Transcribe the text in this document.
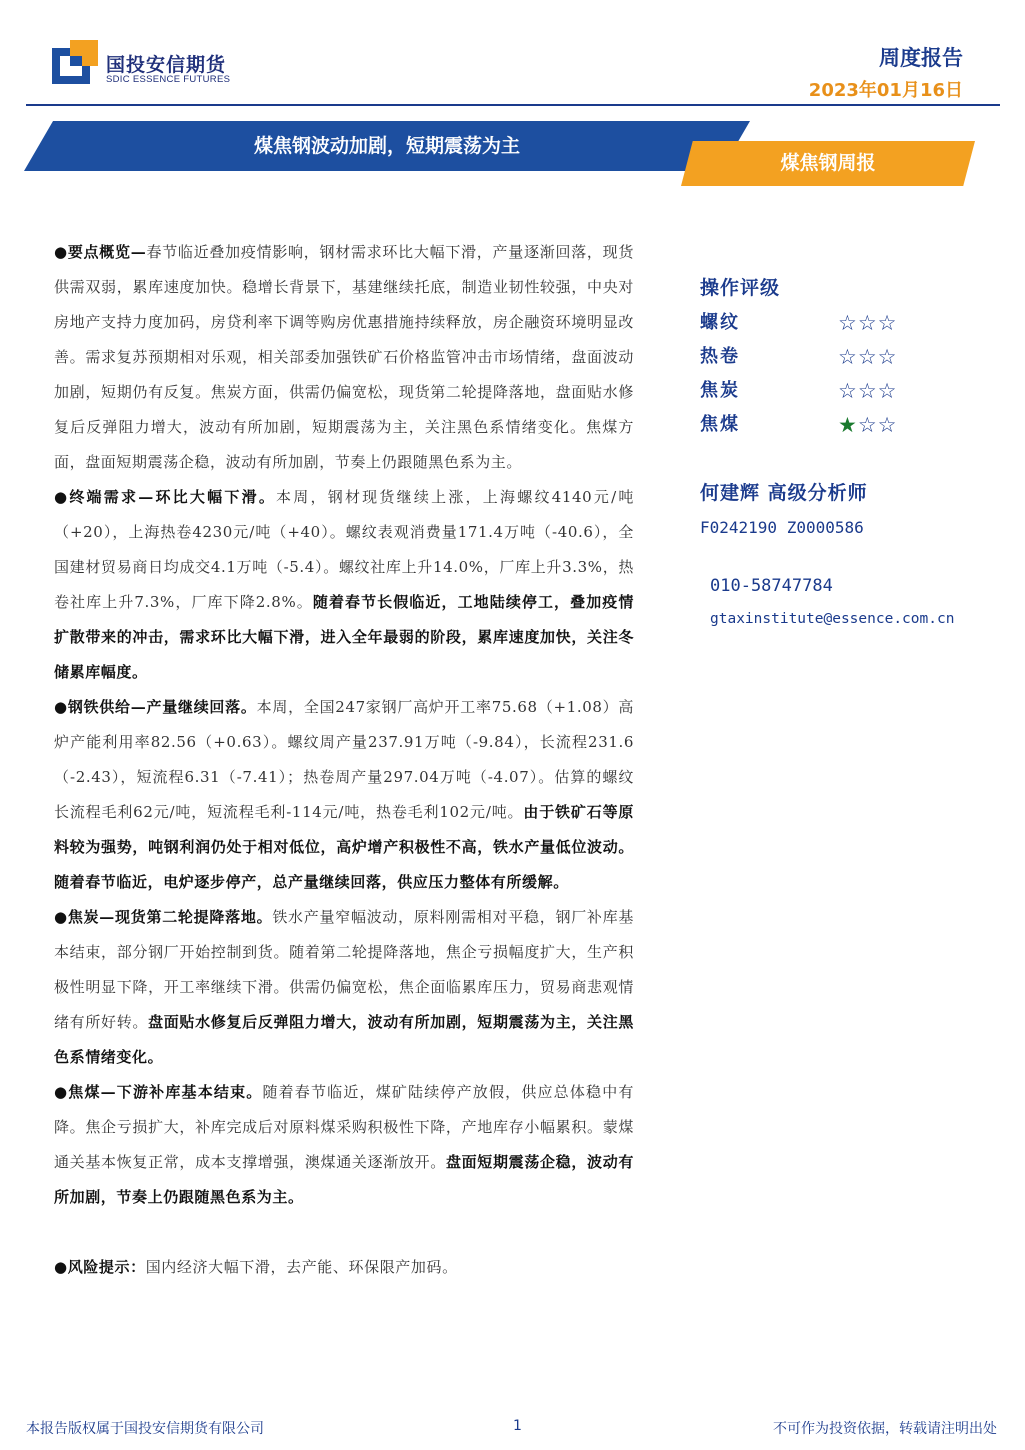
国投安信期货
SDIC ESSENCE FUTURES
周度报告
2023年01月16日
煤焦钢波动加剧，短期震荡为主
煤焦钢周报

●要点概览—春节临近叠加疫情影响，钢材需求环比大幅下滑，产量逐渐回落，现货供需双弱，累库速度加快。稳增长背景下，基建继续托底，制造业韧性较强，中央对房地产支持力度加码，房贷利率下调等购房优惠措施持续释放，房企融资环境明显改善。需求复苏预期相对乐观，相关部委加强铁矿石价格监管冲击市场情绪，盘面波动加剧，短期仍有反复。焦炭方面，供需仍偏宽松，现货第二轮提降落地，盘面贴水修复后反弹阻力增大，波动有所加剧，短期震荡为主，关注黑色系情绪变化。焦煤方面，盘面短期震荡企稳，波动有所加剧，节奏上仍跟随黑色系为主。

●终端需求—环比大幅下滑。本周，钢材现货继续上涨，上海螺纹4140元/吨（+20），上海热卷4230元/吨（+40）。螺纹表观消费量171.4万吨（-40.6），全国建材贸易商日均成交4.1万吨（-5.4）。螺纹社库上升14.0%，厂库上升3.3%，热卷社库上升7.3%，厂库下降2.8%。随着春节长假临近，工地陆续停工，叠加疫情扩散带来的冲击，需求环比大幅下滑，进入全年最弱的阶段，累库速度加快，关注冬储累库幅度。

●钢铁供给—产量继续回落。本周，全国247家钢厂高炉开工率75.68（+1.08）高炉产能利用率82.56（+0.63）。螺纹周产量237.91万吨（-9.84），长流程231.6（-2.43），短流程6.31（-7.41）；热卷周产量297.04万吨（-4.07）。估算的螺纹长流程毛利62元/吨，短流程毛利-114元/吨，热卷毛利102元/吨。由于铁矿石等原料较为强势，吨钢利润仍处于相对低位，高炉增产积极性不高，铁水产量低位波动。随着春节临近，电炉逐步停产，总产量继续回落，供应压力整体有所缓解。

●焦炭—现货第二轮提降落地。铁水产量窄幅波动，原料刚需相对平稳，钢厂补库基本结束，部分钢厂开始控制到货。随着第二轮提降落地，焦企亏损幅度扩大，生产积极性明显下降，开工率继续下滑。供需仍偏宽松，焦企面临累库压力，贸易商悲观情绪有所好转。盘面贴水修复后反弹阻力增大，波动有所加剧，短期震荡为主，关注黑色系情绪变化。

●焦煤—下游补库基本结束。随着春节临近，煤矿陆续停产放假，供应总体稳中有降。焦企亏损扩大，补库完成后对原料煤采购积极性下降，产地库存小幅累积。蒙煤通关基本恢复正常，成本支撑增强，澳煤通关逐渐放开。盘面短期震荡企稳，波动有所加剧，节奏上仍跟随黑色系为主。

●风险提示：国内经济大幅下滑，去产能、环保限产加码。

操作评级
螺纹	☆☆☆
热卷	☆☆☆
焦炭	☆☆☆
焦煤	★☆☆
何建辉 高级分析师
F0242190 Z0000586
010-58747784
gtaxinstitute@essence.com.cn
本报告版权属于国投安信期货有限公司	1	不可作为投资依据，转载请注明出处
